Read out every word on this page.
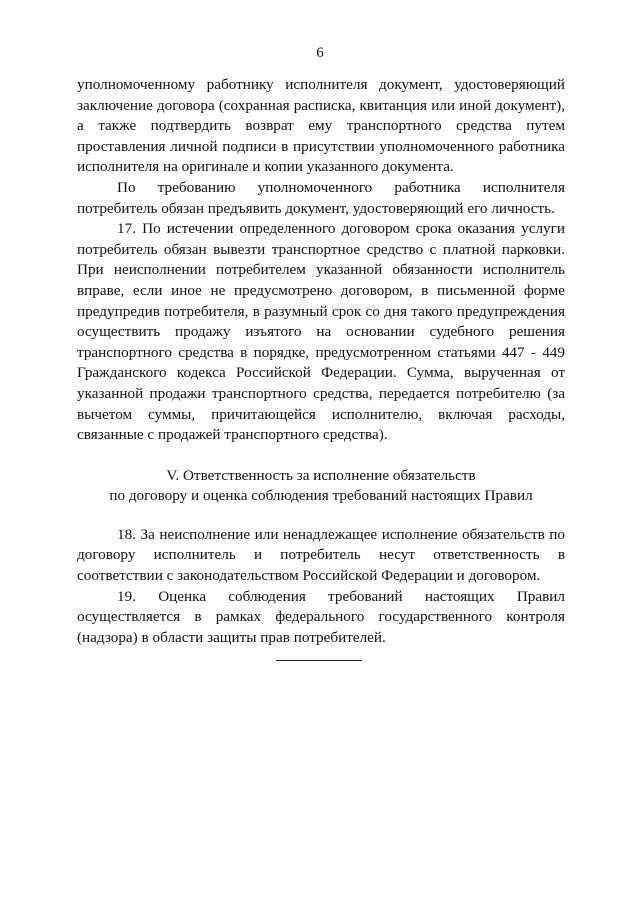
6

уполномоченному работнику исполнителя документ, удостоверяющий заключение договора (сохранная расписка, квитанция или иной документ), а также подтвердить возврат ему транспортного средства путем проставления личной подписи в присутствии уполномоченного работника исполнителя на оригинале и копии указанного документа.

По требованию уполномоченного работника исполнителя потребитель обязан предъявить документ, удостоверяющий его личность.

17. По истечении определенного договором срока оказания услуги потребитель обязан вывезти транспортное средство с платной парковки. При неисполнении потребителем указанной обязанности исполнитель вправе, если иное не предусмотрено договором, в письменной форме предупредив потребителя, в разумный срок со дня такого предупреждения осуществить продажу изъятого на основании судебного решения транспортного средства в порядке, предусмотренном статьями 447 - 449 Гражданского кодекса Российской Федерации. Сумма, вырученная от указанной продажи транспортного средства, передается потребителю (за вычетом суммы, причитающейся исполнителю, включая расходы, связанные с продажей транспортного средства).

V. Ответственность за исполнение обязательств
по договору и оценка соблюдения требований настоящих Правил

18. За неисполнение или ненадлежащее исполнение обязательств по договору исполнитель и потребитель несут ответственность в соответствии с законодательством Российской Федерации и договором.

19. Оценка соблюдения требований настоящих Правил осуществляется в рамках федерального государственного контроля (надзора) в области защиты прав потребителей.
